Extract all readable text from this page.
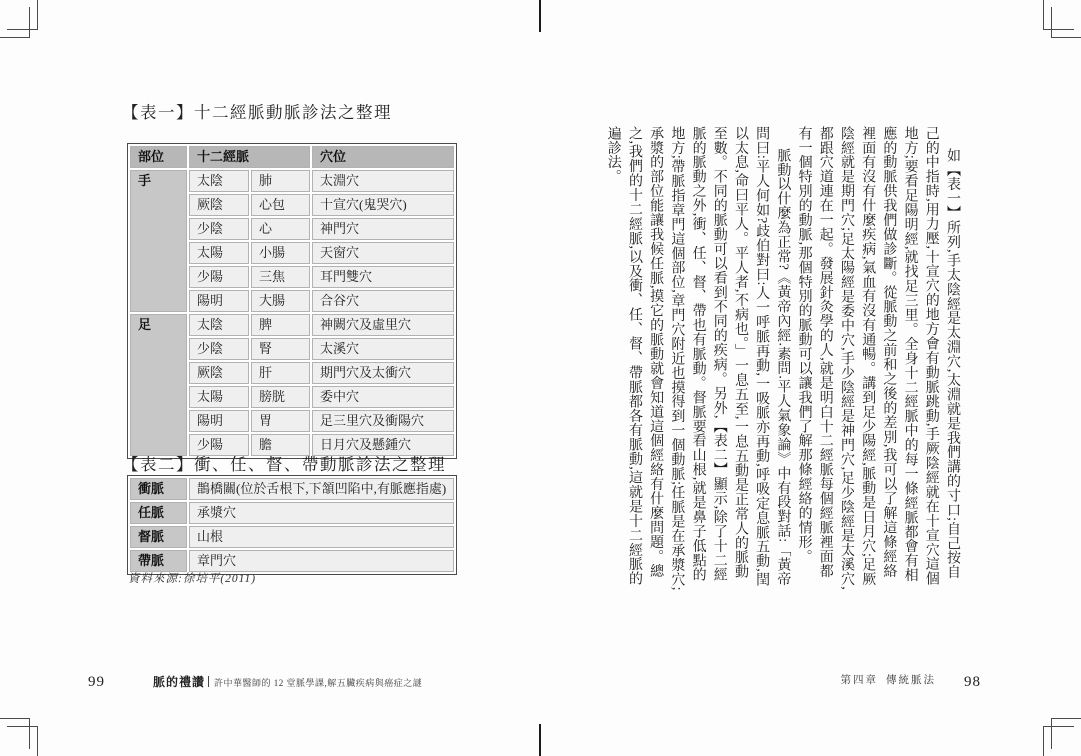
【表一】十二經脈動脈診法之整理
部位	十二經脈		穴位
手	太陰	肺	太淵穴
	厥陰	心包	十宣穴(鬼哭穴)
	少陰	心	神門穴
	太陽	小腸	天窗穴
	少陽	三焦	耳門雙穴
	陽明	大腸	合谷穴
足	太陰	脾	神闕穴及虛里穴
	少陰	腎	太溪穴
	厥陰	肝	期門穴及太衝穴
	太陽	膀胱	委中穴
	陽明	胃	足三里穴及衝陽穴
	少陽	膽	日月穴及懸鍾穴
【表二】衝、任、督、帶動脈診法之整理
衝脈	鵲橋關(位於舌根下,下頷凹陷中,有脈應指處)
任脈	承漿穴
督脈	山根
帶脈	章門穴
資料來源:徐培平(2011)
99	脈的禮讚 許中華醫師的 12 堂脈學課,解五臟疾病與癌症之謎

如【表一】所列,手太陰經是太淵穴,太淵就是我們講的寸口;自己按自己的中指時,用力壓,十宣穴的地方會有動脈跳動,手厥陰經就在十宣穴這個地方;要看足陽明經,就找足三里。全身十二經脈中的每一條經脈都會有相應的動脈供我們做診斷。從脈動之前和之後的差別,我可以了解這條經絡裡面有沒有什麼疾病,氣血有沒有通暢。講到足少陽經,脈動是日月穴;足厥陰經就是期門穴;足太陽經是委中穴,手少陰經是神門穴,足少陰經是太溪穴,都跟穴道連在一起。發展針灸學的人,就是明白十二經脈每個經脈裡面都有一個特別的動脈,那個特別的脈動可以讓我們了解那條經絡的情形。

脈動以什麼為正常?《黃帝內經.素問.平人氣象論》中有段對話:「黃帝問曰:平人何如?歧伯對曰:人一呼脈再動,一吸脈亦再動,呼吸定息脈五動,閏以太息,命曰平人。平人者,不病也。」一息五至,一息五動是正常人的脈動至數。不同的脈動可以看到不同的疾病。另外,【表二】顯示,除了十二經脈的脈動之外,衝、任、督、帶也有脈動。督脈要看山根,就是鼻子低點的地方;帶脈指章門這個部位,章門穴附近也摸得到一個動脈;任脈是在承漿穴;承漿的部位能讓我候任脈,摸它的脈動就會知道這個經絡有什麼問題。總之,我們的十二經脈,以及衝、任、督、帶脈都各有脈動,這就是十二經脈的遍診法。

第四章 傳統脈法 98
